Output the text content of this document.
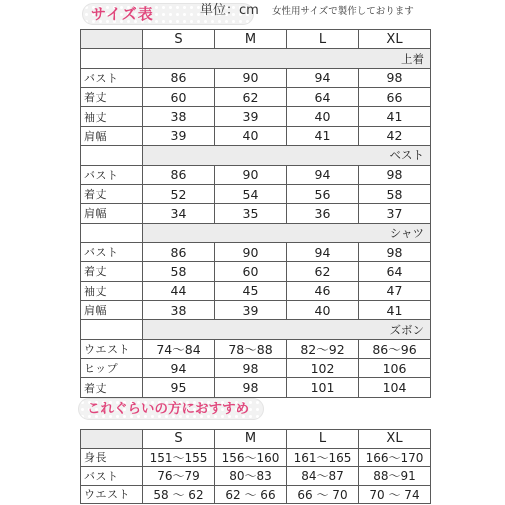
サイズ表	単位：cm 女性用サイズで製作しております
	S	M	L	XL
	上着			
バスト	86	90	94	98
着丈	60	62	64	66
袖丈	38	39	40	41
肩幅	39	40	41	42
	ベスト			
バスト	86	90	94	98
着丈	52	54	56	58
肩幅	34	35	36	37
	シャツ			
バスト	86	90	94	98
着丈	58	60	62	64
袖丈	44	45	46	47
肩幅	38	39	40	41
	ズボン			
ウエスト	74～84	78～88	82～92	86～96
ヒップ	94	98	102	106
着丈	95	98	101	104
これぐらいの方におすすめ
	S	M	L	XL
身長	151～155	156～160	161～165	166～170
バスト	76～79	80～83	84～87	88～91
ウエスト	58 ～ 62	62 ～ 66	66 ～ 70	70 ～ 74
